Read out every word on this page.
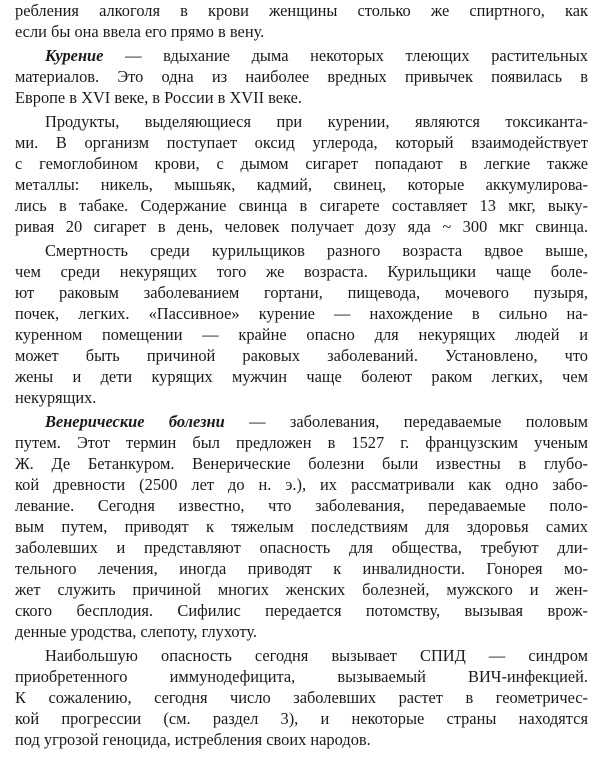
ребления алкоголя в крови женщины столько же спиртного, как
если бы она ввела его прямо в вену.
Курение — вдыхание дыма некоторых тлеющих растительных
материалов. Это одна из наиболее вредных привычек появилась в
Европе в XVI веке, в России в XVII веке.
Продукты, выделяющиеся при курении, являются токсиканта-
ми. В организм поступает оксид углерода, который взаимодействует
с гемоглобином крови, с дымом сигарет попадают в легкие также
металлы: никель, мышьяк, кадмий, свинец, которые аккумулирова-
лись в табаке. Содержание свинца в сигарете составляет 13 мкг, выку-
ривая 20 сигарет в день, человек получает дозу яда ~ 300 мкг свинца.
Смертность среди курильщиков разного возраста вдвое выше,
чем среди некурящих того же возраста. Курильщики чаще боле-
ют раковым заболеванием гортани, пищевода, мочевого пузыря,
почек, легких. «Пассивное» курение — нахождение в сильно на-
куренном помещении — крайне опасно для некурящих людей и
может быть причиной раковых заболеваний. Установлено, что
жены и дети курящих мужчин чаще болеют раком легких, чем
некурящих.
Венерические болезни — заболевания, передаваемые половым
путем. Этот термин был предложен в 1527 г. французским ученым
Ж. Де Бетанкуром. Венерические болезни были известны в глубо-
кой древности (2500 лет до н. э.), их рассматривали как одно забо-
левание. Сегодня известно, что заболевания, передаваемые поло-
вым путем, приводят к тяжелым последствиям для здоровья самих
заболевших и представляют опасность для общества, требуют дли-
тельного лечения, иногда приводят к инвалидности. Гонорея мо-
жет служить причиной многих женских болезней, мужского и жен-
ского бесплодия. Сифилис передается потомству, вызывая врож-
денные уродства, слепоту, глухоту.
Наибольшую опасность сегодня вызывает СПИД — синдром
приобретенного иммунодефицита, вызываемый ВИЧ-инфекцией.
К сожалению, сегодня число заболевших растет в геометричес-
кой прогрессии (см. раздел 3), и некоторые страны находятся
под угрозой геноцида, истребления своих народов.
